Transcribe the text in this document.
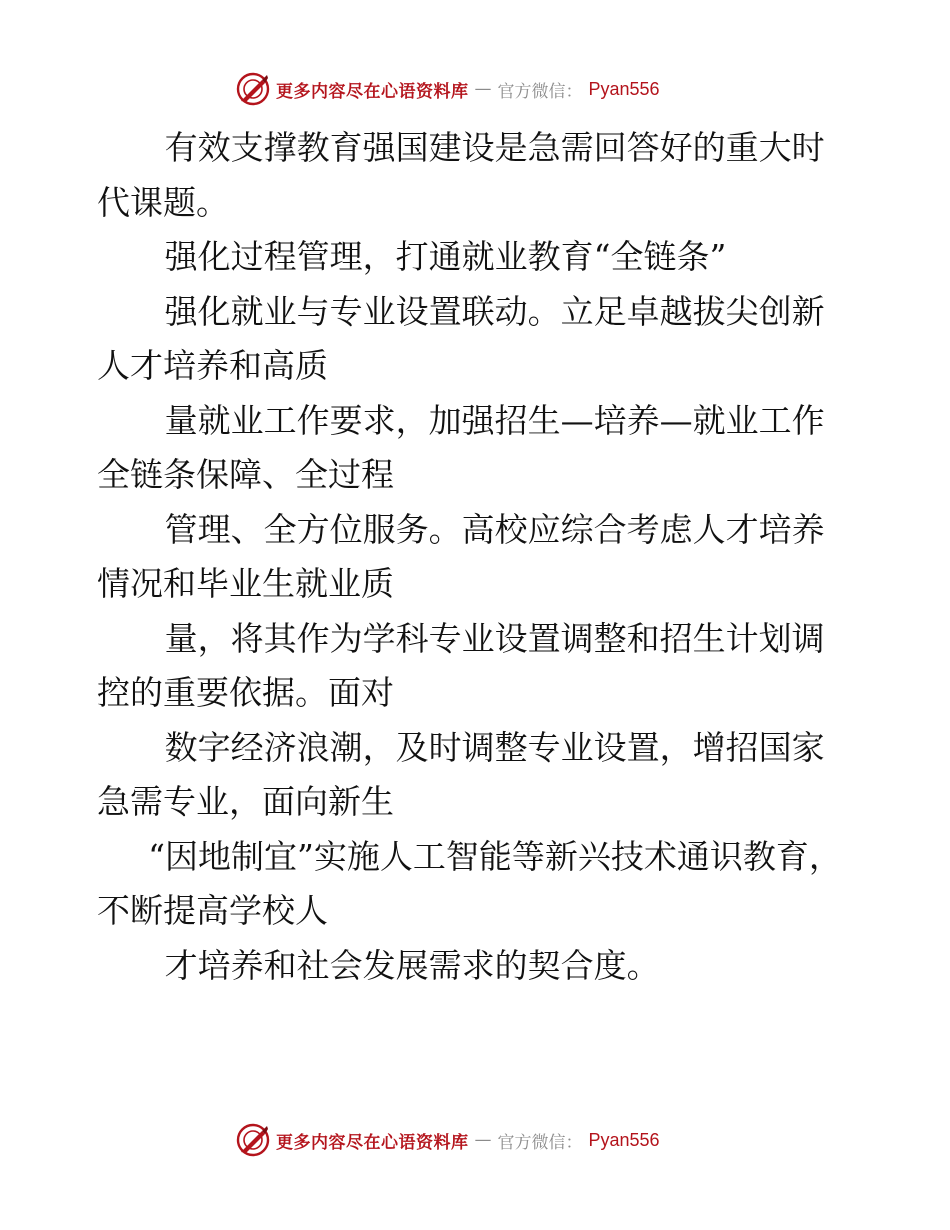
更多内容尽在心语资料库 — 官方微信： Pyan556

有效支撑教育强国建设是急需回答好的重大时代课题。

强化过程管理，打通就业教育“全链条”

强化就业与专业设置联动。立足卓越拔尖创新人才培养和高质

量就业工作要求，加强招生—培养—就业工作全链条保障、全过程

管理、全方位服务。高校应综合考虑人才培养情况和毕业生就业质

量，将其作为学科专业设置调整和招生计划调控的重要依据。面对

数字经济浪潮，及时调整专业设置，增招国家急需专业，面向新生

“因地制宜”实施人工智能等新兴技术通识教育，不断提高学校人

才培养和社会发展需求的契合度。

更多内容尽在心语资料库 — 官方微信： Pyan556
